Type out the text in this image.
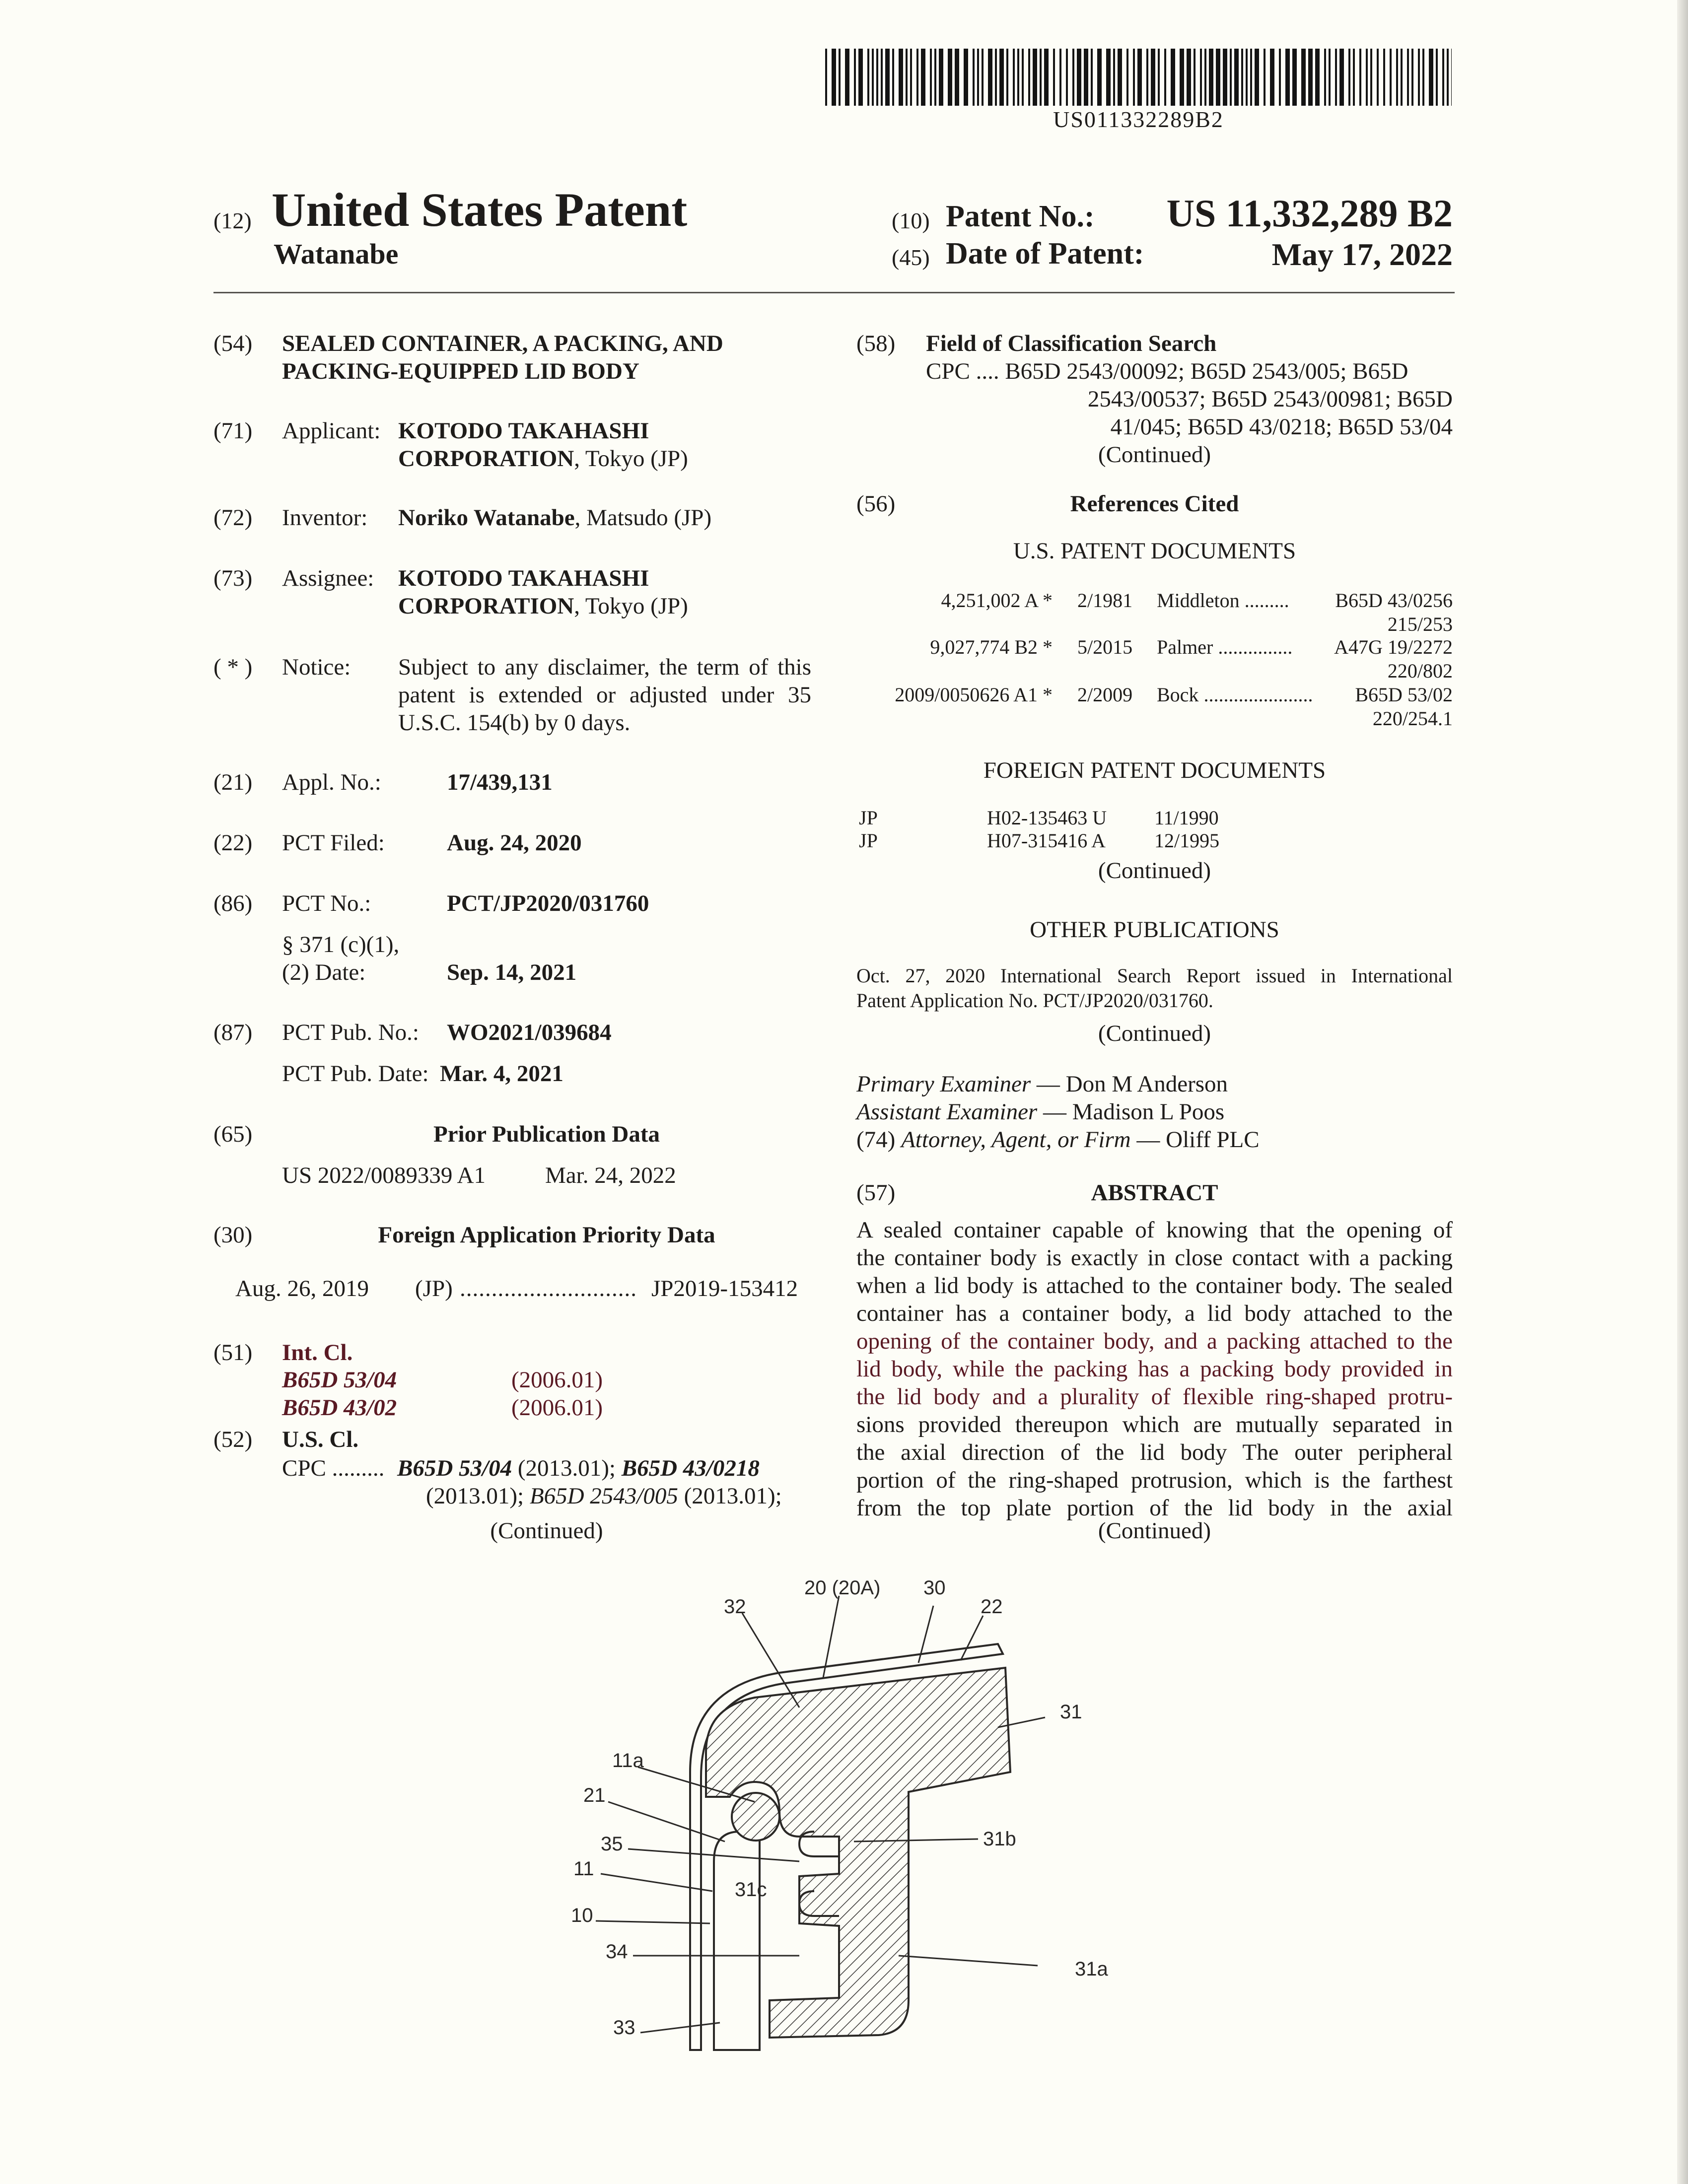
US011332289B2
(12) United States Patent
Watanabe
(10) Patent No.:	US 11,332,289 B2
(45) Date of Patent:	May 17, 2022
(54)	SEALED CONTAINER, A PACKING, AND
PACKING-EQUIPPED LID BODY
(71)	Applicant: KOTODO TAKAHASHI
CORPORATION, Tokyo (JP)
(72)	Inventor: Noriko Watanabe, Matsudo (JP)
(73)	Assignee: KOTODO TAKAHASHI
CORPORATION, Tokyo (JP)
( * )	Notice: Subject to any disclaimer, the term of this
patent is extended or adjusted under 35
U.S.C. 154(b) by 0 days.
(21)	Appl. No.:	17/439,131
(22)	PCT Filed:	Aug. 24, 2020
(86)	PCT No.:	PCT/JP2020/031760
§ 371 (c)(1),
(2) Date:	Sep. 14, 2021
(87)	PCT Pub. No.: WO2021/039684
PCT Pub. Date: Mar. 4, 2021
(65)	Prior Publication Data
US 2022/0089339 A1	Mar. 24, 2022
(30)	Foreign Application Priority Data
Aug. 26, 2019 (JP) ............................ JP2019-153412
(51)	Int. Cl.
B65D 53/04	(2006.01)
B65D 43/02	(2006.01)
(52)	U.S. Cl.
CPC ......... B65D 53/04 (2013.01); B65D 43/0218
(2013.01); B65D 2543/005 (2013.01);
(Continued)
(58)	Field of Classification Search
CPC .... B65D 2543/00092; B65D 2543/005; B65D
2543/00537; B65D 2543/00981; B65D
41/045; B65D 43/0218; B65D 53/04
(Continued)
(56)	References Cited
U.S. PATENT DOCUMENTS
4,251,002 A * 2/1981 Middleton .........	B65D 43/0256
215/253
9,027,774 B2 * 5/2015 Palmer ...............	A47G 19/2272
220/802
2009/0050626 A1 * 2/2009 Bock ......................	B65D 53/02
220/254.1
FOREIGN PATENT DOCUMENTS
JP	H02-135463 U 11/1990
JP	H07-315416 A 12/1995
(Continued)
OTHER PUBLICATIONS
Oct. 27, 2020 International Search Report issued in International
Patent Application No. PCT/JP2020/031760.
(Continued)
Primary Examiner — Don M Anderson
Assistant Examiner — Madison L Poos
(74) Attorney, Agent, or Firm — Oliff PLC
(57)	ABSTRACT
A sealed container capable of knowing that the opening of
the container body is exactly in close contact with a packing
when a lid body is attached to the container body. The sealed
container has a container body, a lid body attached to the
opening of the container body, and a packing attached to the
lid body, while the packing has a packing body provided in
the lid body and a plurality of flexible ring-shaped protru-
sions provided thereupon which are mutually separated in
the axial direction of the lid body The outer peripheral
portion of the ring-shaped protrusion, which is the farthest
from the top plate portion of the lid body in the axial
(Continued)
32
20 (20A) 30
22
31
11a
21
31b
35
11
31c
10
34
31a
33
